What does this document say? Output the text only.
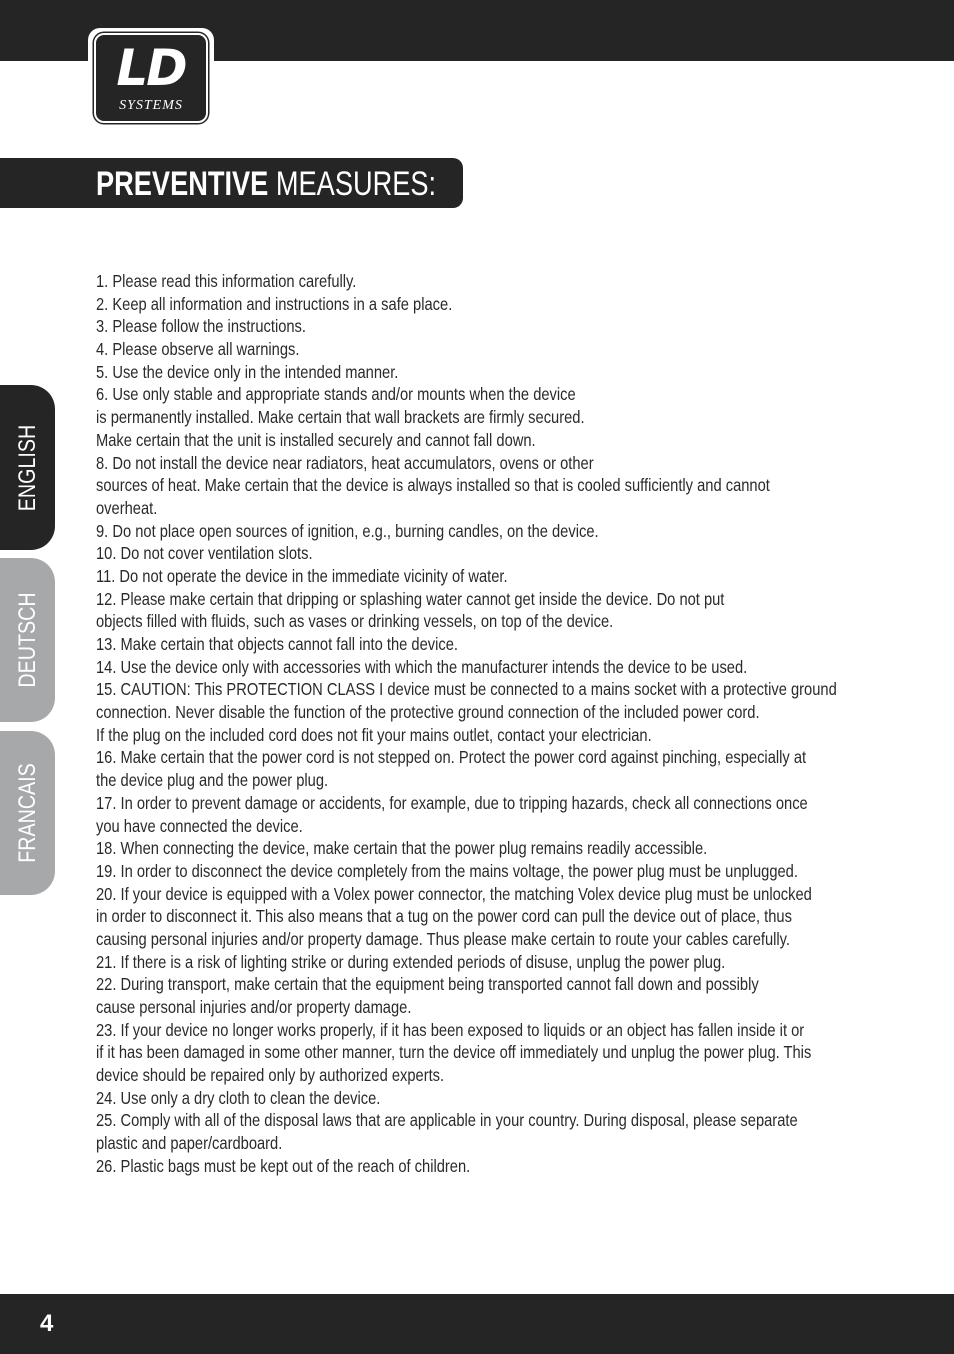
LD
SYSTEMS
PREVENTIVE MEASURES:
ENGLISH
DEUTSCH
FRANCAIS
1. Please read this information carefully.
2. Keep all information and instructions in a safe place.
3. Please follow the instructions.
4. Please observe all warnings.
5. Use the device only in the intended manner.
6. Use only stable and appropriate stands and/or mounts when the device
is permanently installed. Make certain that wall brackets are firmly secured.
Make certain that the unit is installed securely and cannot fall down.
8. Do not install the device near radiators, heat accumulators, ovens or other
sources of heat. Make certain that the device is always installed so that is cooled sufficiently and cannot
overheat.
9. Do not place open sources of ignition, e.g., burning candles, on the device.
10. Do not cover ventilation slots.
11. Do not operate the device in the immediate vicinity of water.
12. Please make certain that dripping or splashing water cannot get inside the device. Do not put
objects filled with fluids, such as vases or drinking vessels, on top of the device.
13. Make certain that objects cannot fall into the device.
14. Use the device only with accessories with which the manufacturer intends the device to be used.
15. CAUTION: This PROTECTION CLASS I device must be connected to a mains socket with a protective ground
connection. Never disable the function of the protective ground connection of the included power cord.
If the plug on the included cord does not fit your mains outlet, contact your electrician.
16. Make certain that the power cord is not stepped on. Protect the power cord against pinching, especially at
the device plug and the power plug.
17. In order to prevent damage or accidents, for example, due to tripping hazards, check all connections once
you have connected the device.
18. When connecting the device, make certain that the power plug remains readily accessible.
19. In order to disconnect the device completely from the mains voltage, the power plug must be unplugged.
20. If your device is equipped with a Volex power connector, the matching Volex device plug must be unlocked
in order to disconnect it. This also means that a tug on the power cord can pull the device out of place, thus
causing personal injuries and/or property damage. Thus please make certain to route your cables carefully.
21. If there is a risk of lighting strike or during extended periods of disuse, unplug the power plug.
22. During transport, make certain that the equipment being transported cannot fall down and possibly
cause personal injuries and/or property damage.
23. If your device no longer works properly, if it has been exposed to liquids or an object has fallen inside it or
if it has been damaged in some other manner, turn the device off immediately und unplug the power plug. This
device should be repaired only by authorized experts.
24. Use only a dry cloth to clean the device.
25. Comply with all of the disposal laws that are applicable in your country. During disposal, please separate
plastic and paper/cardboard.
26. Plastic bags must be kept out of the reach of children.
4
